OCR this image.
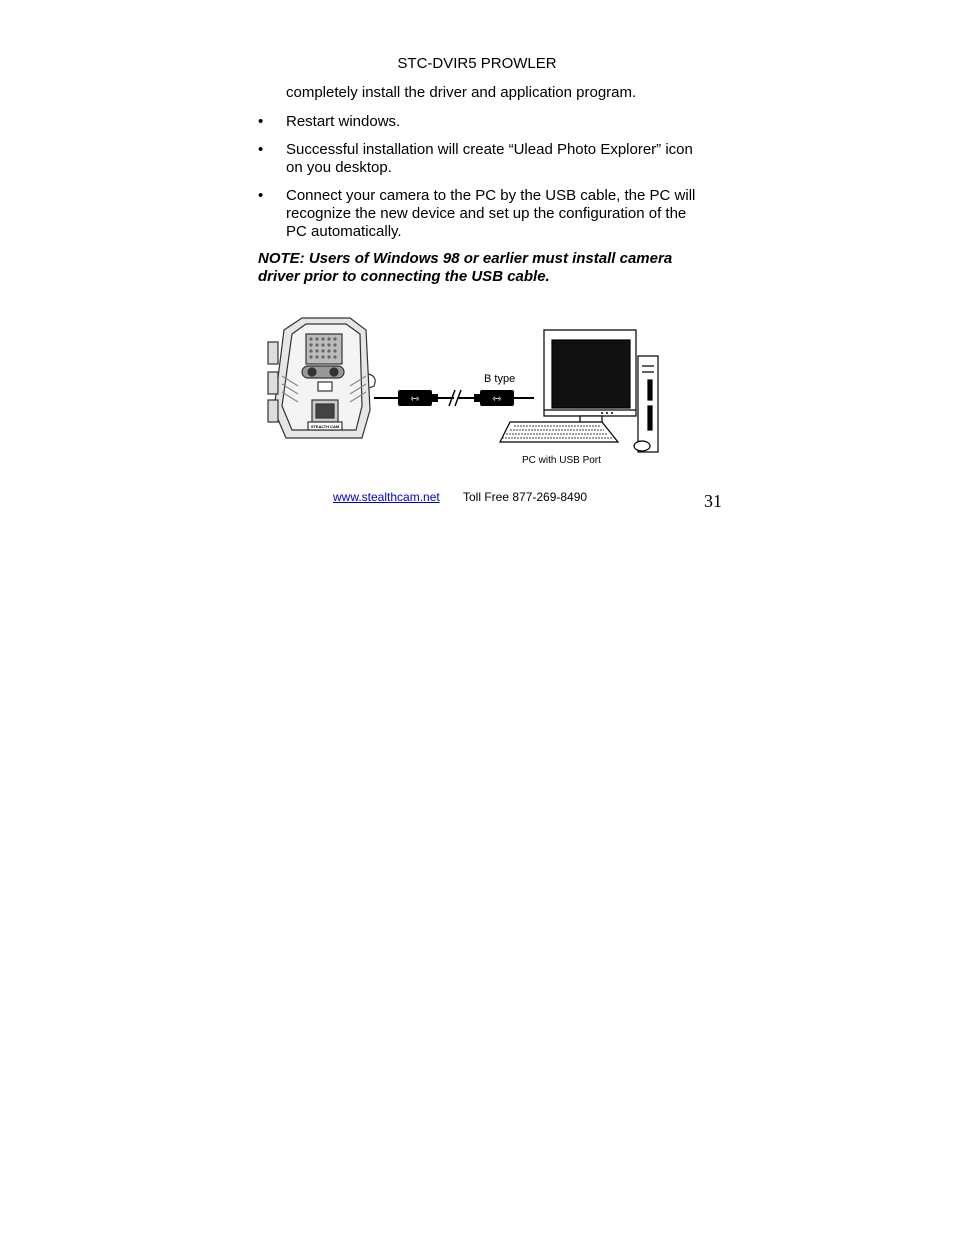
STC-DVIR5 PROWLER
completely install the driver and application program.
• Restart windows.
• Successful installation will create “Ulead Photo Explorer” icon
on you desktop.
• Connect your camera to the PC by the USB cable, the PC will
recognize the new device and set up the configuration of the
PC automatically.
NOTE: Users of Windows 98 or earlier must install camera
driver prior to connecting the USB cable.
STEALTH CAM
⇿	⇿
B type
PC with USB Port
www.stealthcam.net Toll Free 877-269-8490	31
